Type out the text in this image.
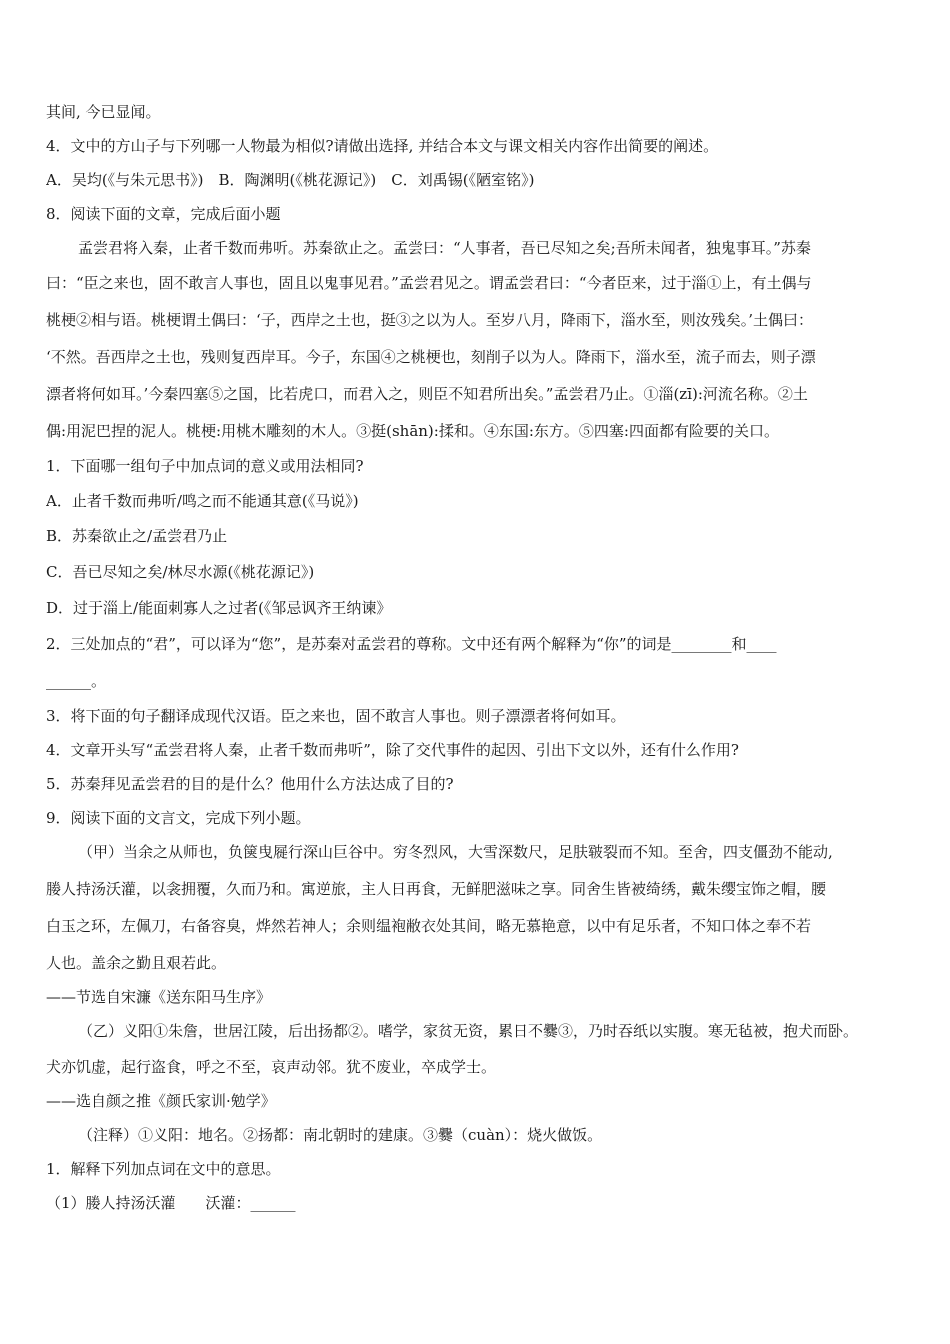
其间, 今已显闻。
4．文中的方山子与下列哪一人物最为相似?请做出选择, 并结合本文与课文相关内容作出简要的阐述。
A．吴均(《与朱元思书》)　B．陶渊明(《桃花源记》)　C．刘禹锡(《陋室铭》)
8．阅读下面的文章，完成后面小题
孟尝君将入秦，止者千数而弗听。苏秦欲止之。孟尝曰：“人事者，吾已尽知之矣;吾所未闻者，独鬼事耳。”苏秦
曰：“臣之来也，固不敢言人事也，固且以鬼事见君。”孟尝君见之。谓孟尝君曰：“今者臣来，过于淄①上，有土偶与
桃梗②相与语。桃梗谓土偶曰：‘子，西岸之土也，挺③之以为人。至岁八月，降雨下，淄水至，则汝残矣。’土偶曰：
‘不然。吾西岸之土也，残则复西岸耳。今子，东国④之桃梗也，刻削子以为人。降雨下，淄水至，流子而去，则子漂
漂者将何如耳。’今秦四塞⑤之国，比若虎口，而君入之，则臣不知君所出矣。”孟尝君乃止。①淄(zī):河流名称。②土
偶:用泥巴捏的泥人。桃梗:用桃木雕刻的木人。③挺(shān):揉和。④东国:东方。⑤四塞:四面都有险要的关口。
1．下面哪一组句子中加点词的意义或用法相同?
A．止者千数而弗听/鸣之而不能通其意(《马说》)
B．苏秦欲止之/孟尝君乃止
C．吾已尽知之矣/林尽水源(《桃花源记》)
D．过于淄上/能面刺寡人之过者(《邹忌讽齐王纳谏》
2．三处加点的“君”，可以译为“您”，是苏秦对孟尝君的尊称。文中还有两个解释为“你”的词是________和____
______。
3．将下面的句子翻译成现代汉语。臣之来也，固不敢言人事也。则子漂漂者将何如耳。
4．文章开头写“孟尝君将人秦，止者千数而弗听”，除了交代事件的起因、引出下文以外，还有什么作用?
5．苏秦拜见孟尝君的目的是什么？他用什么方法达成了目的?
9．阅读下面的文言文，完成下列小题。
（甲）当余之从师也，负箧曳屣行深山巨谷中。穷冬烈风，大雪深数尺，足肤皲裂而不知。至舍，四支僵劲不能动,
媵人持汤沃灌，以衾拥覆，久而乃和。寓逆旅，主人日再食，无鲜肥滋味之享。同舍生皆被绮绣，戴朱缨宝饰之帽，腰
白玉之环，左佩刀，右备容臭，烨然若神人；余则缊袍敝衣处其间，略无慕艳意，以中有足乐者，不知口体之奉不若
人也。盖余之勤且艰若此。
——节选自宋濂《送东阳马生序》
（乙）义阳①朱詹，世居江陵，后出扬都②。嗜学，家贫无资，累日不爨③，乃时吞纸以实腹。寒无毡被，抱犬而卧。
犬亦饥虚，起行盗食，呼之不至，哀声动邻。犹不废业，卒成学士。
——选自颜之推《颜氏家训·勉学》
（注释）①义阳：地名。②扬都：南北朝时的建康。③爨（cuàn）：烧火做饭。
1．解释下列加点词在文中的意思。
（1）媵人持汤沃灌　　沃灌：______
